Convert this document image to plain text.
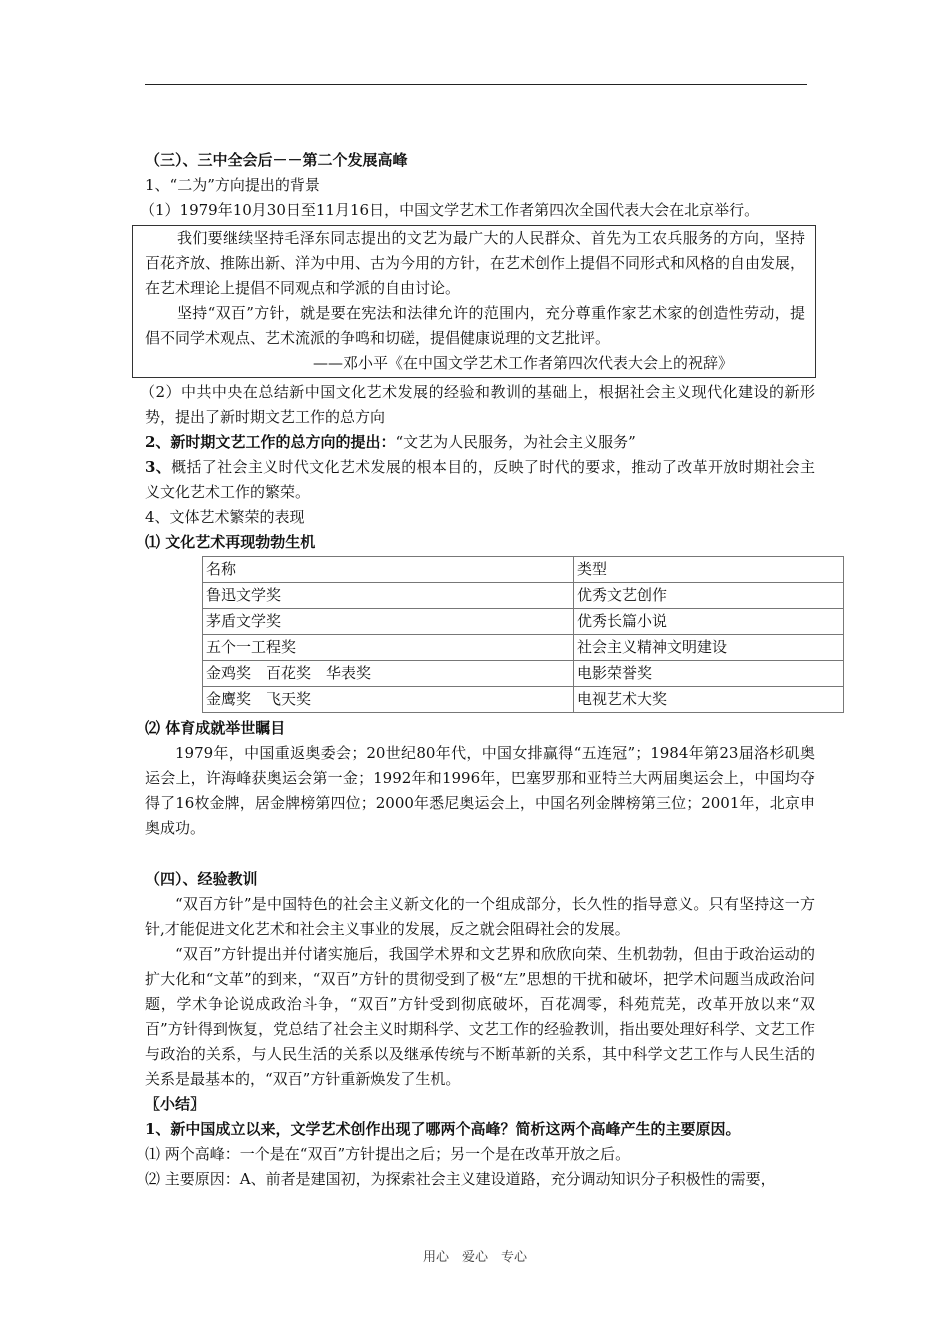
（三）、三中全会后－－第二个发展高峰

1、“二为”方向提出的背景

（1）1979年10月30日至11月16日，中国文学艺术工作者第四次全国代表大会在北京举行。

我们要继续坚持毛泽东同志提出的文艺为最广大的人民群众、首先为工农兵服务的方向，坚持百花齐放、推陈出新、洋为中用、古为今用的方针，在艺术创作上提倡不同形式和风格的自由发展，在艺术理论上提倡不同观点和学派的自由讨论。

坚持“双百”方针，就是要在宪法和法律允许的范围内，充分尊重作家艺术家的创造性劳动，提倡不同学术观点、艺术流派的争鸣和切磋，提倡健康说理的文艺批评。

——邓小平《在中国文学艺术工作者第四次代表大会上的祝辞》

（2）中共中央在总结新中国文化艺术发展的经验和教训的基础上，根据社会主义现代化建设的新形势，提出了新时期文艺工作的总方向

2、新时期文艺工作的总方向的提出：“文艺为人民服务，为社会主义服务”

3、概括了社会主义时代文化艺术发展的根本目的，反映了时代的要求，推动了改革开放时期社会主义文化艺术工作的繁荣。

4、文体艺术繁荣的表现

⑴ 文化艺术再现勃勃生机

名称	类型
鲁迅文学奖	优秀文艺创作
茅盾文学奖	优秀长篇小说
五个一工程奖	社会主义精神文明建设
金鸡奖　百花奖　华表奖	电影荣誉奖
金鹰奖　飞天奖	电视艺术大奖

⑵ 体育成就举世瞩目

1979年，中国重返奥委会；20世纪80年代，中国女排赢得“五连冠”；1984年第23届洛杉矶奥运会上，许海峰获奥运会第一金；1992年和1996年，巴塞罗那和亚特兰大两届奥运会上，中国均夺得了16枚金牌，居金牌榜第四位；2000年悉尼奥运会上，中国名列金牌榜第三位；2001年，北京申奥成功。

（四）、经验教训

“双百方针”是中国特色的社会主义新文化的一个组成部分，长久性的指导意义。只有坚持这一方针,才能促进文化艺术和社会主义事业的发展，反之就会阻碍社会的发展。

“双百”方针提出并付诸实施后，我国学术界和文艺界和欣欣向荣、生机勃勃，但由于政治运动的扩大化和“文革”的到来，“双百”方针的贯彻受到了极“左”思想的干扰和破坏，把学术问题当成政治问题，学术争论说成政治斗争，“双百”方针受到彻底破坏，百花凋零，科苑荒芜，改革开放以来“双百”方针得到恢复，党总结了社会主义时期科学、文艺工作的经验教训，指出要处理好科学、文艺工作与政治的关系，与人民生活的关系以及继承传统与不断革新的关系，其中科学文艺工作与人民生活的关系是最基本的，“双百”方针重新焕发了生机。

〖小结〗

1、新中国成立以来，文学艺术创作出现了哪两个高峰？简析这两个高峰产生的主要原因。

⑴ 两个高峰：一个是在“双百”方针提出之后；另一个是在改革开放之后。

⑵ 主要原因：A、前者是建国初，为探索社会主义建设道路，充分调动知识分子积极性的需要，

用心　爱心　专心
